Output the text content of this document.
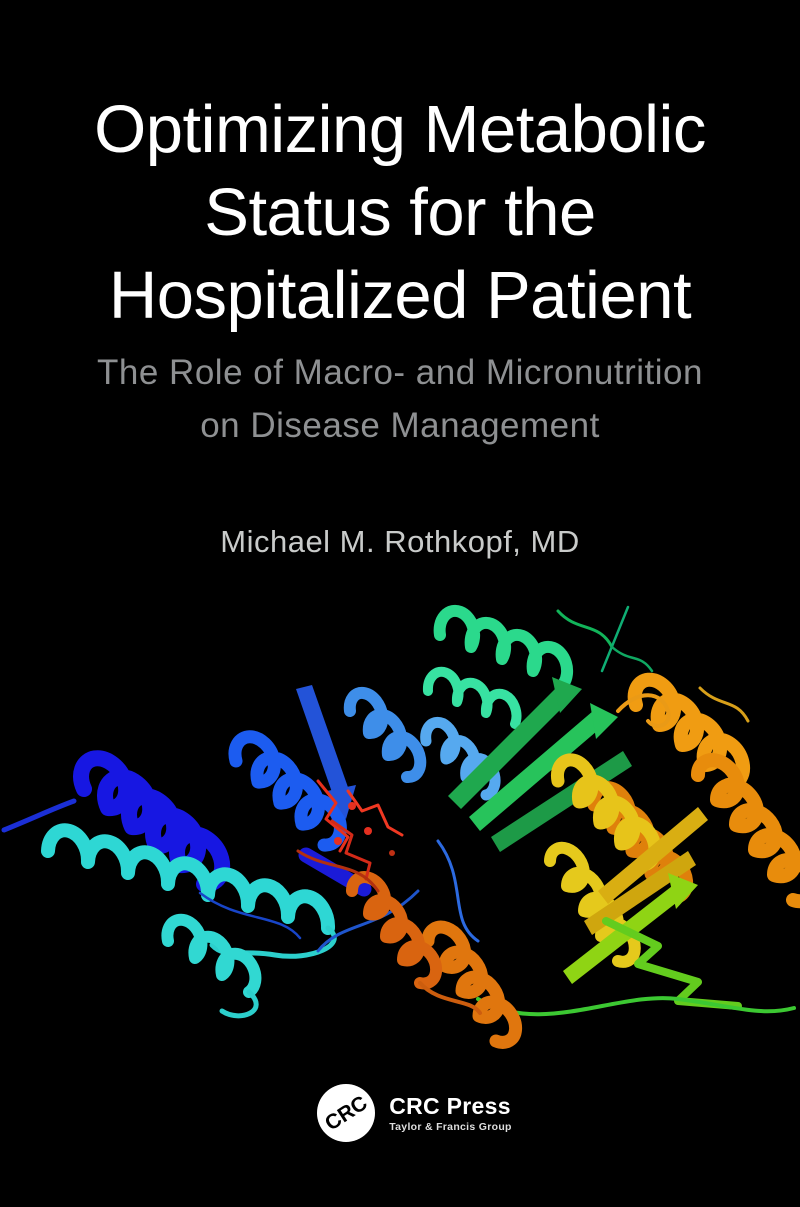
Optimizing Metabolic
Status for the
Hospitalized Patient
The Role of Macro- and Micronutrition
on Disease Management
Michael M. Rothkopf, MD
CRC CRC Press
Taylor & Francis Group
